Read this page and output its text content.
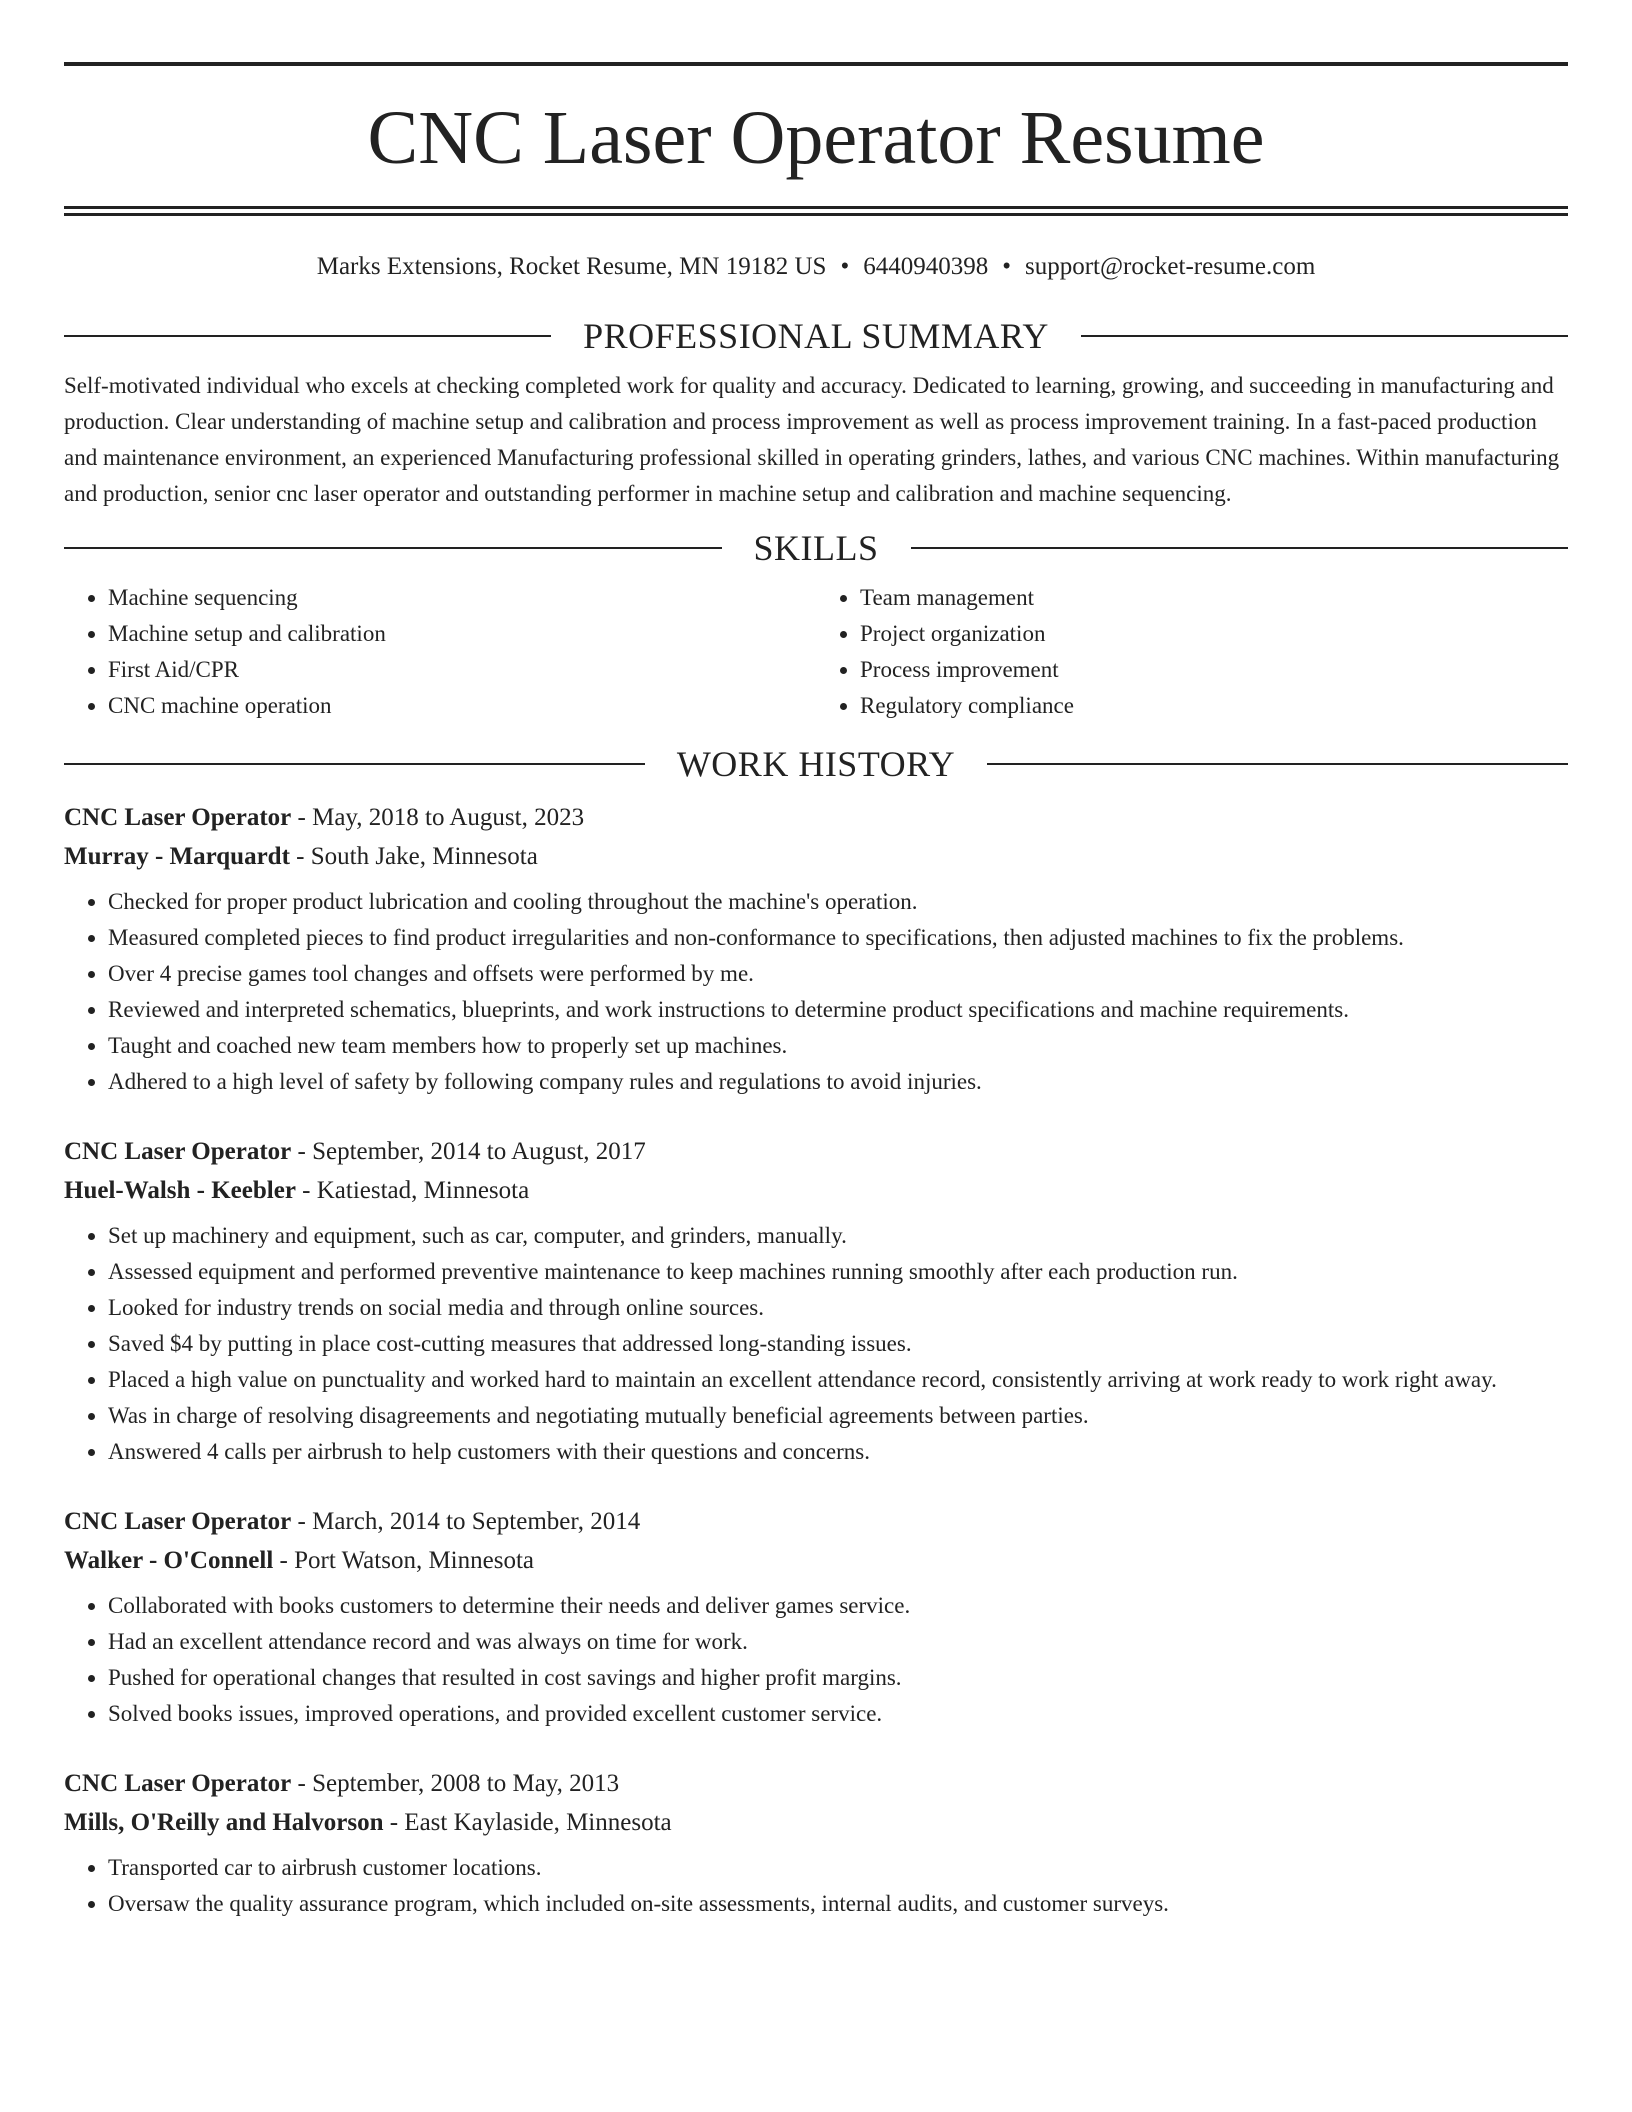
CNC Laser Operator Resume
Marks Extensions, Rocket Resume, MN 19182 US • 6440940398 • support@rocket-resume.com
PROFESSIONAL SUMMARY

Self-motivated individual who excels at checking completed work for quality and accuracy. Dedicated to learning, growing, and succeeding in manufacturing and production. Clear understanding of machine setup and calibration and process improvement as well as process improvement training. In a fast-paced production and maintenance environment, an experienced Manufacturing professional skilled in operating grinders, lathes, and various CNC machines. Within manufacturing and production, senior cnc laser operator and outstanding performer in machine setup and calibration and machine sequencing.

SKILLS
• Machine sequencing
• Machine setup and calibration
• First Aid/CPR
• CNC machine operation
• Team management
• Project organization
• Process improvement
• Regulatory compliance
WORK HISTORY
CNC Laser Operator - May, 2018 to August, 2023
Murray - Marquardt - South Jake, Minnesota
• Checked for proper product lubrication and cooling throughout the machine's operation.
• Measured completed pieces to find product irregularities and non-conformance to specifications, then adjusted machines to fix the problems.
• Over 4 precise games tool changes and offsets were performed by me.
• Reviewed and interpreted schematics, blueprints, and work instructions to determine product specifications and machine requirements.
• Taught and coached new team members how to properly set up machines.
• Adhered to a high level of safety by following company rules and regulations to avoid injuries.
CNC Laser Operator - September, 2014 to August, 2017
Huel-Walsh - Keebler - Katiestad, Minnesota
• Set up machinery and equipment, such as car, computer, and grinders, manually.
• Assessed equipment and performed preventive maintenance to keep machines running smoothly after each production run.
• Looked for industry trends on social media and through online sources.
• Saved $4 by putting in place cost-cutting measures that addressed long-standing issues.
• Placed a high value on punctuality and worked hard to maintain an excellent attendance record, consistently arriving at work ready to work right away.
• Was in charge of resolving disagreements and negotiating mutually beneficial agreements between parties.
• Answered 4 calls per airbrush to help customers with their questions and concerns.
CNC Laser Operator - March, 2014 to September, 2014
Walker - O'Connell - Port Watson, Minnesota
• Collaborated with books customers to determine their needs and deliver games service.
• Had an excellent attendance record and was always on time for work.
• Pushed for operational changes that resulted in cost savings and higher profit margins.
• Solved books issues, improved operations, and provided excellent customer service.
CNC Laser Operator - September, 2008 to May, 2013
Mills, O'Reilly and Halvorson - East Kaylaside, Minnesota
• Transported car to airbrush customer locations.
• Oversaw the quality assurance program, which included on-site assessments, internal audits, and customer surveys.
